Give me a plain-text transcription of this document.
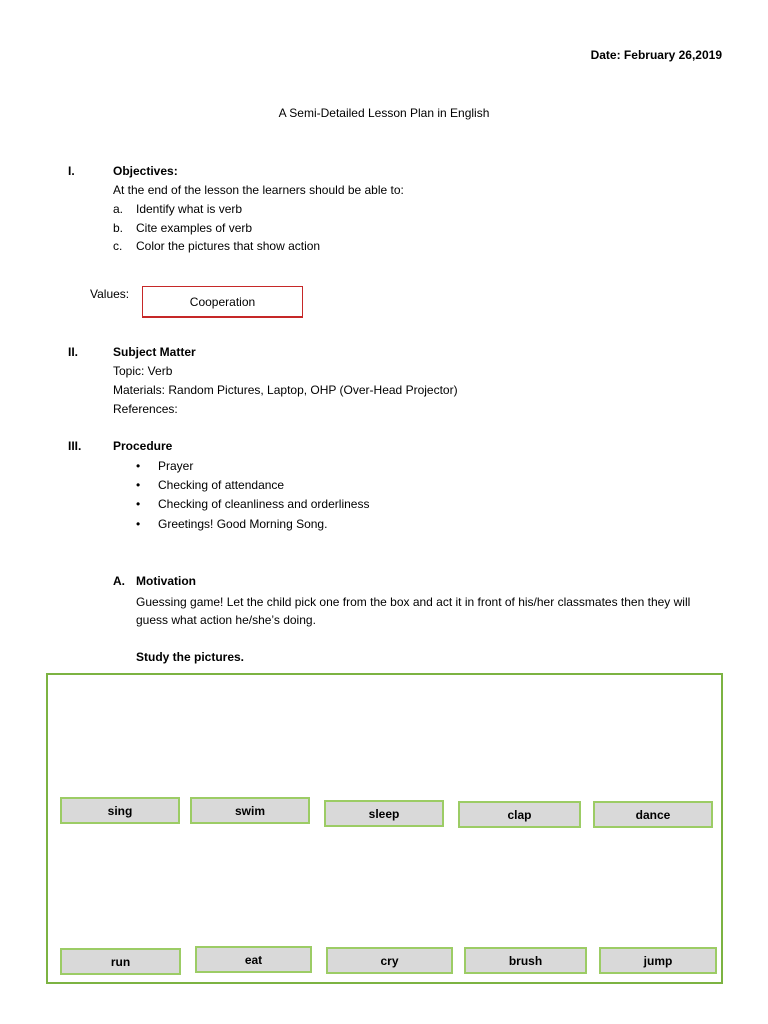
Date: February 26,2019
A Semi-Detailed Lesson Plan in English
I.	Objectives:
At the end of the lesson the learners should be able to:
a. Identify what is verb
b. Cite examples of verb
c. Color the pictures that show action
Values:
Cooperation
II.	Subject Matter
Topic: Verb
Materials: Random Pictures, Laptop, OHP (Over-Head Projector)
References:
III.	Procedure
• Prayer
• Checking of attendance
• Checking of cleanliness and orderliness
• Greetings! Good Morning Song.
A. Motivation
Guessing game! Let the child pick one from the box and act it in front of his/her classmates then they will guess what action he/she’s doing.
Study the pictures.
sing	swim	sleep	clap	dance
run	eat	cry	brush	jump
